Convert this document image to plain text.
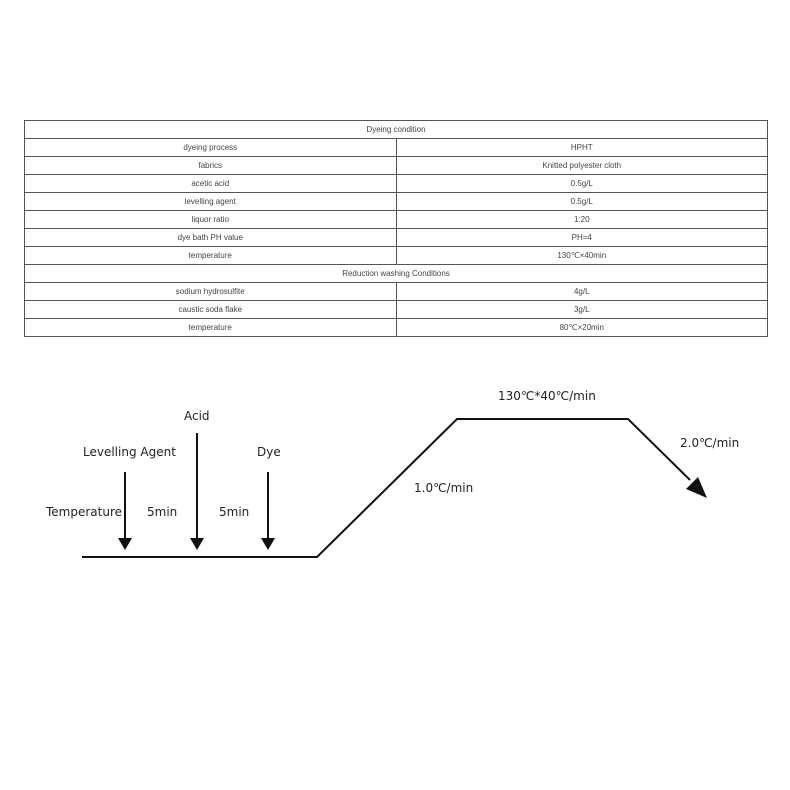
Dyeing condition	
dyeing process	HPHT
fabrics	Knitted polyester cloth
acetic acid	0.5g/L
levelling agent	0.5g/L
liquor ratio	1:20
dye bath PH value	PH=4
temperature	130℃×40min
Reduction washing Conditions	
sodium hydrosulfite	4g/L
caustic soda flake	3g/L
temperature	80℃×20min
Temperature
Levelling Agent
Acid
Dye
5min	5min
1.0℃/min
130℃*40℃/min
2.0℃/min
